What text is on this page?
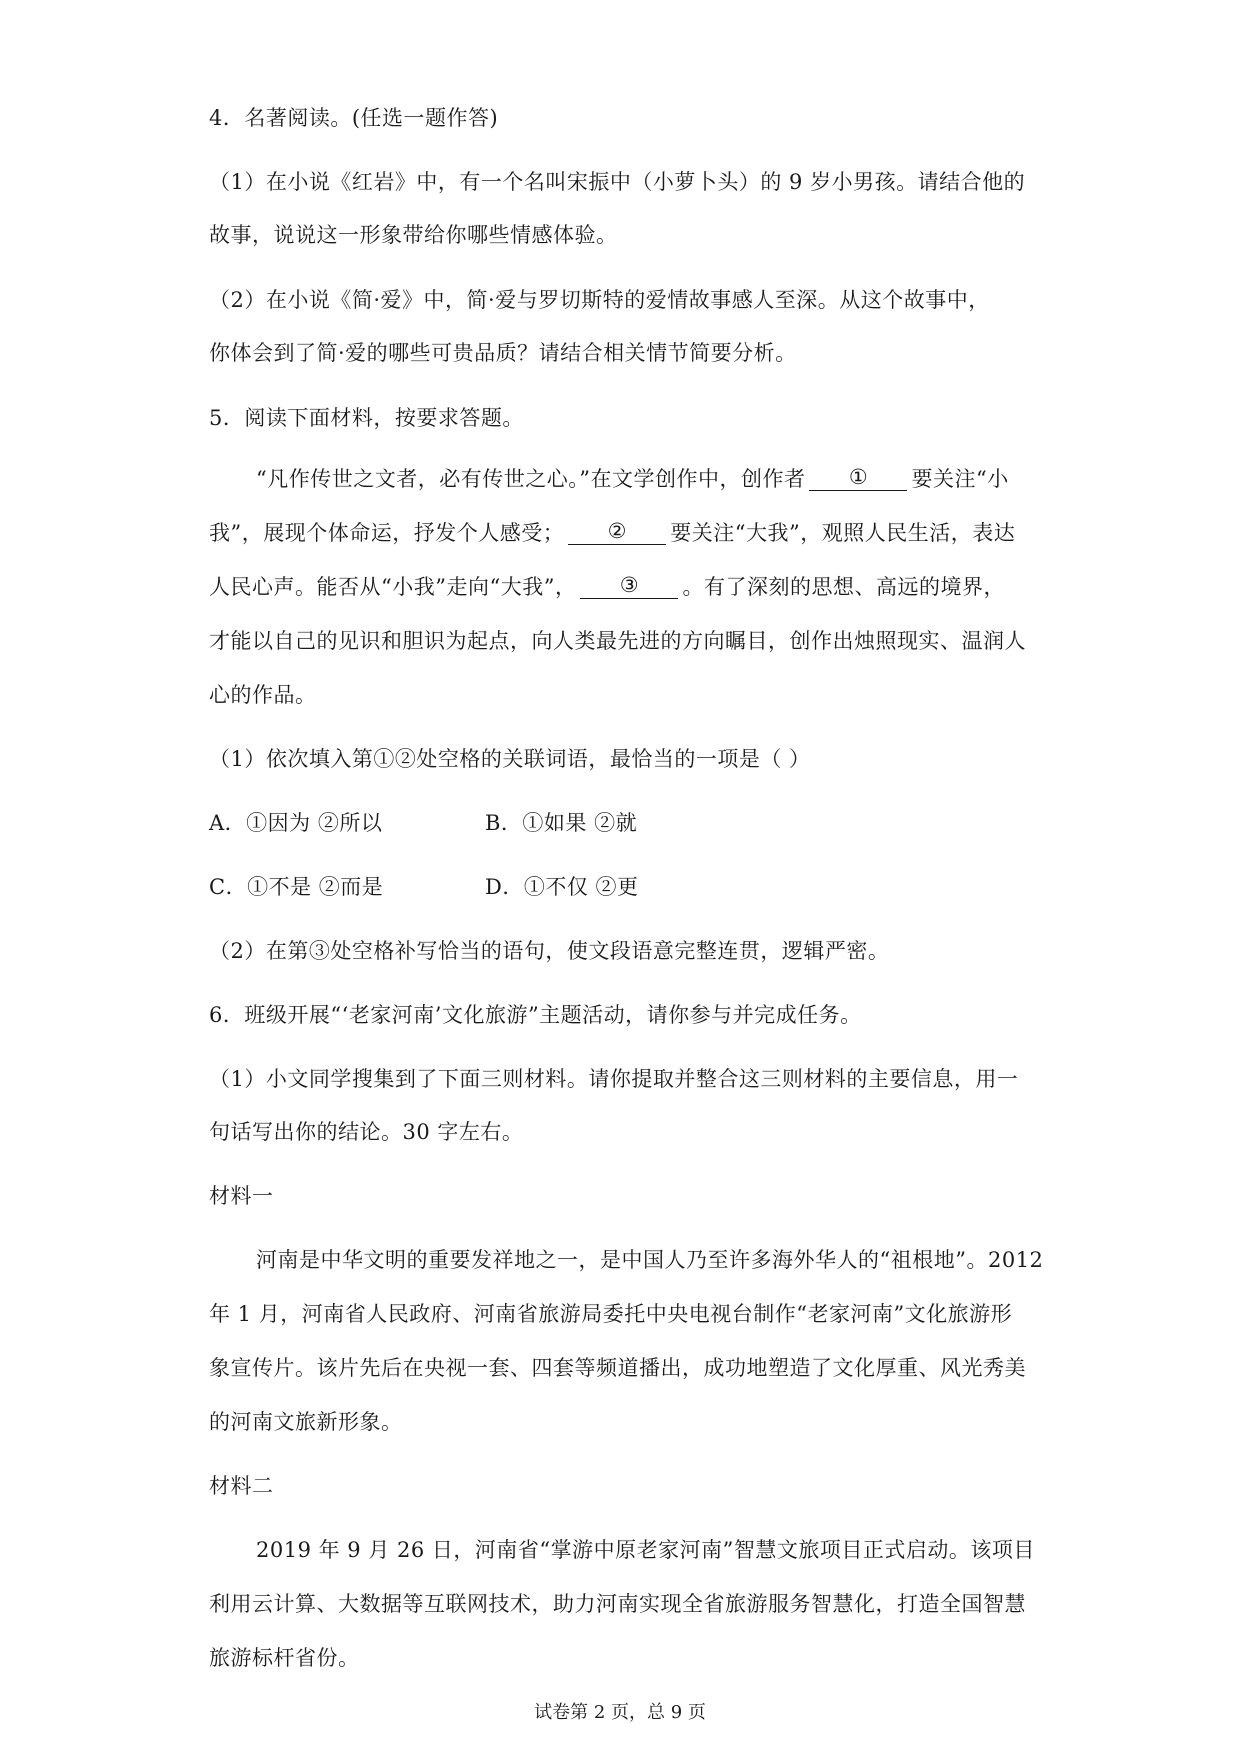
4．名著阅读。(任选一题作答)
（1）在小说《红岩》中，有一个名叫宋振中（小萝卜头）的 9 岁小男孩。请结合他的
故事，说说这一形象带给你哪些情感体验。
（2）在小说《简·爱》中，简·爱与罗切斯特的爱情故事感人至深。从这个故事中，
你体会到了简·爱的哪些可贵品质？请结合相关情节简要分析。
5．阅读下面材料，按要求答题。
“凡作传世之文者，必有传世之心。”在文学创作中，创作者 ① 要关注“小
我”，展现个体命运，抒发个人感受； ② 要关注“大我”，观照人民生活，表达
人民心声。能否从“小我”走向“大我”， ③ 。有了深刻的思想、高远的境界，
才能以自己的见识和胆识为起点，向人类最先进的方向瞩目，创作出烛照现实、温润人
心的作品。
（1）依次填入第①②处空格的关联词语，最恰当的一项是（ ）
A．①因为 ②所以	B．①如果 ②就
C．①不是 ②而是	D．①不仅 ②更
（2）在第③处空格补写恰当的语句，使文段语意完整连贯，逻辑严密。
6．班级开展“‘老家河南’文化旅游”主题活动，请你参与并完成任务。
（1）小文同学搜集到了下面三则材料。请你提取并整合这三则材料的主要信息，用一
句话写出你的结论。30 字左右。
材料一
河南是中华文明的重要发祥地之一，是中国人乃至许多海外华人的“祖根地”。2012
年 1 月，河南省人民政府、河南省旅游局委托中央电视台制作“老家河南”文化旅游形
象宣传片。该片先后在央视一套、四套等频道播出，成功地塑造了文化厚重、风光秀美
的河南文旅新形象。
材料二
2019 年 9 月 26 日，河南省“掌游中原老家河南”智慧文旅项目正式启动。该项目
利用云计算、大数据等互联网技术，助力河南实现全省旅游服务智慧化，打造全国智慧
旅游标杆省份。
试卷第 2 页，总 9 页
